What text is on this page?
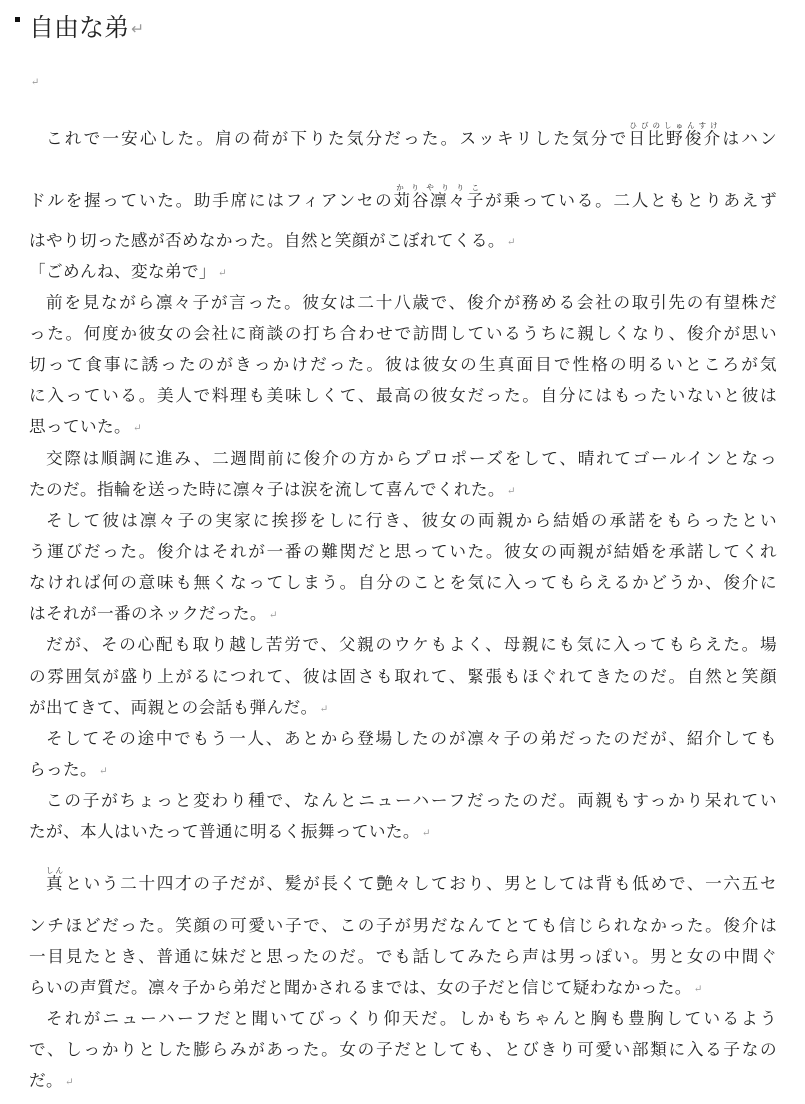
自由な弟 ↵
↵
これで一安心した。肩の荷が下りた気分だった。スッキリした気分で日比野俊介ひびのしゅんすけはハン
ドルを握っていた。助手席にはフィアンセの苅谷凛々子かりやりりこが乗っている。二人ともとりあえず
はやり切った感が否めなかった。自然と笑顔がこぼれてくる。 ↵
「ごめんね、変な弟で」 ↵
前を見ながら凛々子が言った。彼女は二十八歳で、俊介が務める会社の取引先の有望株だ
った。何度か彼女の会社に商談の打ち合わせで訪問しているうちに親しくなり、俊介が思い
切って食事に誘ったのがきっかけだった。彼は彼女の生真面目で性格の明るいところが気
に入っている。美人で料理も美味しくて、最高の彼女だった。自分にはもったいないと彼は
思っていた。 ↵
交際は順調に進み、二週間前に俊介の方からプロポーズをして、晴れてゴールインとなっ
たのだ。指輪を送った時に凛々子は涙を流して喜んでくれた。 ↵
そして彼は凛々子の実家に挨拶をしに行き、彼女の両親から結婚の承諾をもらったとい
う運びだった。俊介はそれが一番の難関だと思っていた。彼女の両親が結婚を承諾してくれ
なければ何の意味も無くなってしまう。自分のことを気に入ってもらえるかどうか、俊介に
はそれが一番のネックだった。 ↵
だが、その心配も取り越し苦労で、父親のウケもよく、母親にも気に入ってもらえた。場
の雰囲気が盛り上がるにつれて、彼は固さも取れて、緊張もほぐれてきたのだ。自然と笑顔
が出てきて、両親との会話も弾んだ。 ↵
そしてその途中でもう一人、あとから登場したのが凛々子の弟だったのだが、紹介しても
らった。 ↵
この子がちょっと変わり種で、なんとニューハーフだったのだ。両親もすっかり呆れてい
たが、本人はいたって普通に明るく振舞っていた。 ↵
真しんという二十四才の子だが、髪が長くて艶々しており、男としては背も低めで、一六五セ
ンチほどだった。笑顔の可愛い子で、この子が男だなんてとても信じられなかった。俊介は
一目見たとき、普通に妹だと思ったのだ。でも話してみたら声は男っぽい。男と女の中間ぐ
らいの声質だ。凛々子から弟だと聞かされるまでは、女の子だと信じて疑わなかった。 ↵
それがニューハーフだと聞いてびっくり仰天だ。しかもちゃんと胸も豊胸しているよう
で、しっかりとした膨らみがあった。女の子だとしても、とびきり可愛い部類に入る子なの
だ。 ↵
